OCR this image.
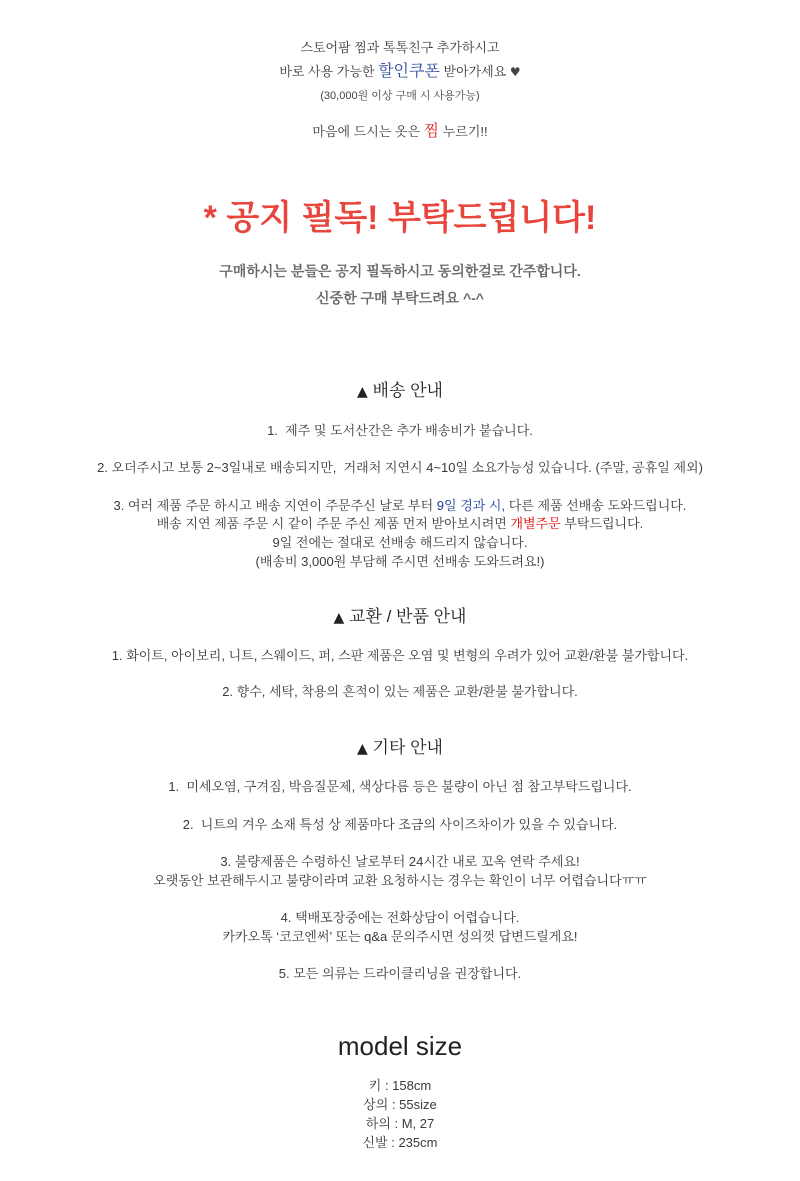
스토어팜 찜과 톡톡친구 추가하시고
바로 사용 가능한 할인쿠폰 받아가세요 ♥
(30,000원 이상 구매 시 사용가능)
마음에 드시는 옷은 찜 누르기!!
* 공지 필독! 부탁드립니다!
구매하시는 분들은 공지 필독하시고 동의한걸로 간주합니다.
신중한 구매 부탁드려요 ^-^
▲ 배송 안내
1.  제주 및 도서산간은 추가 배송비가 붙습니다.
2. 오더주시고 보통 2~3일내로 배송되지만,  거래처 지연시 4~10일 소요가능성 있습니다. (주말, 공휴일 제외)
3. 여러 제품 주문 하시고 배송 지연이 주문주신 날로 부터 9일 경과 시, 다른 제품 선배송 도와드립니다.
배송 지연 제품 주문 시 같이 주문 주신 제품 먼저 받아보시려면 개별주문 부탁드립니다.
9일 전에는 절대로 선배송 해드리지 않습니다.
(배송비 3,000원 부담해 주시면 선배송 도와드려요!)
▲ 교환 / 반품 안내
1. 화이트, 아이보리, 니트, 스웨이드, 퍼, 스판 제품은 오염 및 변형의 우려가 있어 교환/환불 불가합니다.
2. 향수, 세탁, 착용의 흔적이 있는 제품은 교환/환불 불가합니다.
▲ 기타 안내
1.  미세오염, 구겨짐, 박음질문제, 색상다름 등은 불량이 아닌 점 참고부탁드립니다.
2.  니트의 겨우 소재 특성 상 제품마다 조금의 사이즈차이가 있을 수 있습니다.
3. 불량제품은 수령하신 날로부터 24시간 내로 꼬옥 연락 주세요!
오랫동안 보관해두시고 불량이라며 교환 요청하시는 경우는 확인이 너무 어렵습니다ㅠㅠ
4. 택배포장중에는 전화상담이 어렵습니다.
카카오톡 ‘코코엔써’ 또는 q&a 문의주시면 성의껏 답변드릴게요!
5. 모든 의류는 드라이클리닝을 권장합니다.
model size
키 : 158cm
상의 : 55size
하의 : M, 27
신발 : 235cm
